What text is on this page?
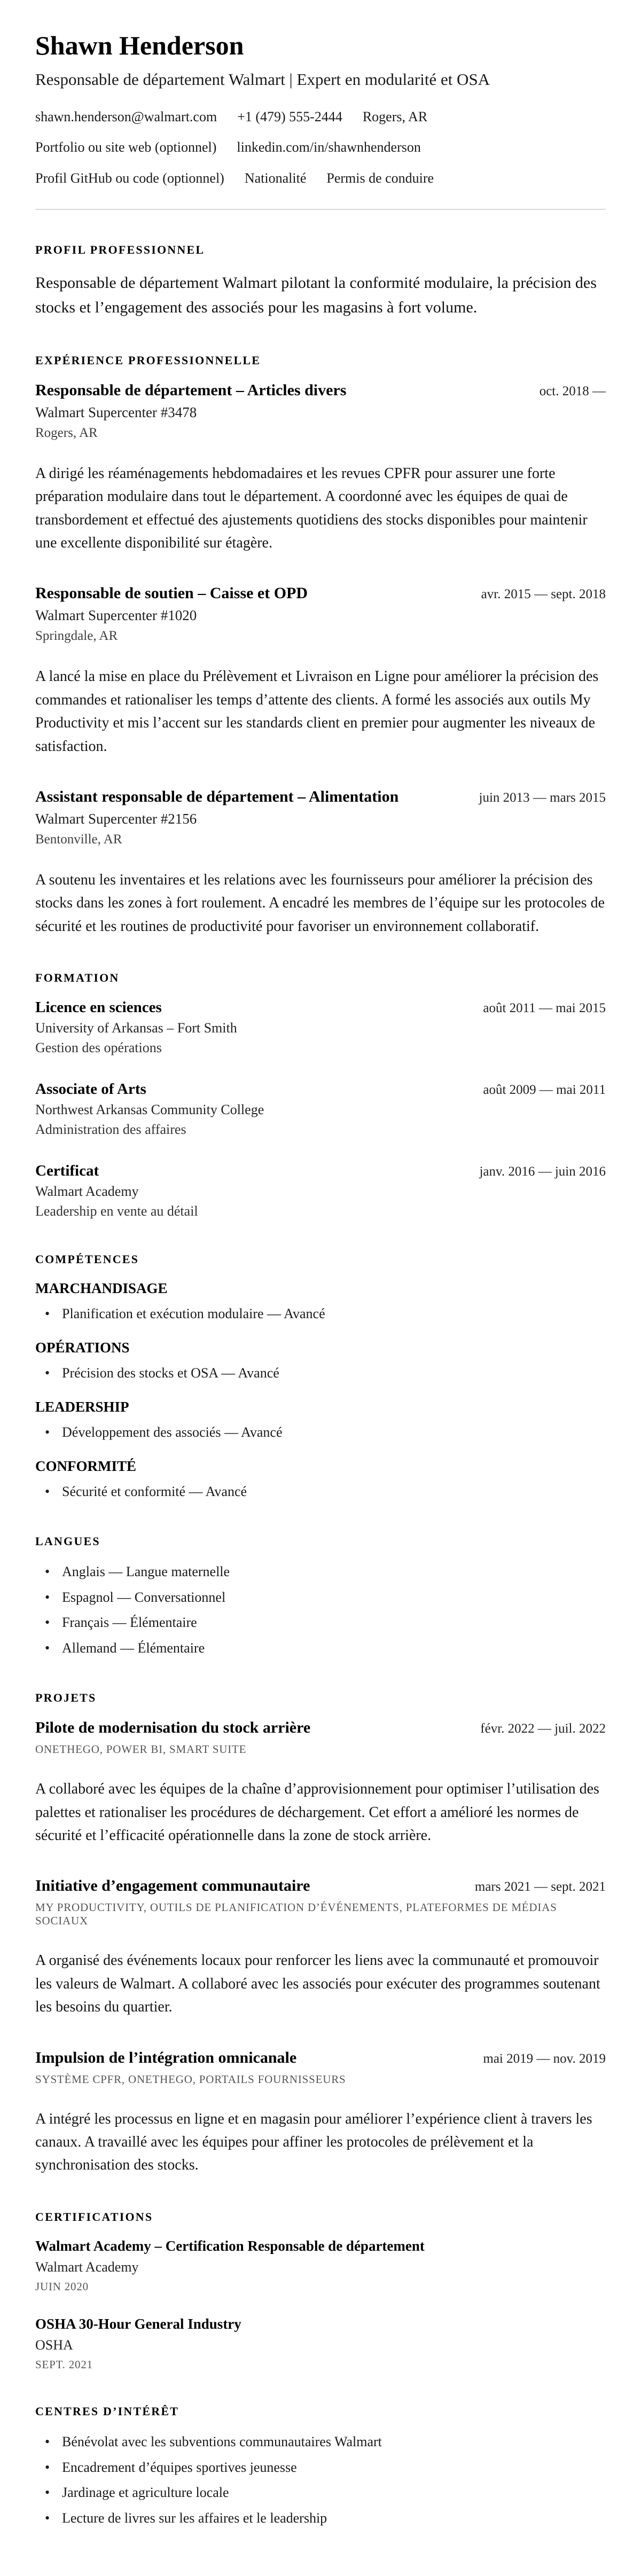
Shawn Henderson

Responsable de département Walmart | Expert en modularité et OSA

shawn.henderson@walmart.com +1 (479) 555-2444 Rogers, AR
Portfolio ou site web (optionnel) linkedin.com/in/shawnhenderson
Profil GitHub ou code (optionnel) Nationalité Permis de conduire
PROFIL PROFESSIONNEL

Responsable de département Walmart pilotant la conformité modulaire, la précision des stocks et l’engagement des associés pour les magasins à fort volume.

EXPÉRIENCE PROFESSIONNELLE
Responsable de département – Articles divers	oct. 2018 —
Walmart Supercenter #3478
Rogers, AR

A dirigé les réaménagements hebdomadaires et les revues CPFR pour assurer une forte préparation modulaire dans tout le département. A coordonné avec les équipes de quai de transbordement et effectué des ajustements quotidiens des stocks disponibles pour maintenir une excellente disponibilité sur étagère.

Responsable de soutien – Caisse et OPD	avr. 2015 — sept. 2018
Walmart Supercenter #1020
Springdale, AR

A lancé la mise en place du Prélèvement et Livraison en Ligne pour améliorer la précision des commandes et rationaliser les temps d’attente des clients. A formé les associés aux outils My Productivity et mis l’accent sur les standards client en premier pour augmenter les niveaux de satisfaction.

Assistant responsable de département – Alimentation	juin 2013 — mars 2015
Walmart Supercenter #2156
Bentonville, AR

A soutenu les inventaires et les relations avec les fournisseurs pour améliorer la précision des stocks dans les zones à fort roulement. A encadré les membres de l’équipe sur les protocoles de sécurité et les routines de productivité pour favoriser un environnement collaboratif.

FORMATION
Licence en sciences	août 2011 — mai 2015
University of Arkansas – Fort Smith
Gestion des opérations
Associate of Arts	août 2009 — mai 2011
Northwest Arkansas Community College
Administration des affaires
Certificat	janv. 2016 — juin 2016
Walmart Academy
Leadership en vente au détail
COMPÉTENCES
MARCHANDISAGE
• Planification et exécution modulaire — Avancé
OPÉRATIONS
• Précision des stocks et OSA — Avancé
LEADERSHIP
• Développement des associés — Avancé
CONFORMITÉ
• Sécurité et conformité — Avancé
LANGUES
• Anglais — Langue maternelle
• Espagnol — Conversationnel
• Français — Élémentaire
• Allemand — Élémentaire
PROJETS
Pilote de modernisation du stock arrière	févr. 2022 — juil. 2022
ONETHEGO, POWER BI, SMART SUITE

A collaboré avec les équipes de la chaîne d’approvisionnement pour optimiser l’utilisation des palettes et rationaliser les procédures de déchargement. Cet effort a amélioré les normes de sécurité et l’efficacité opérationnelle dans la zone de stock arrière.

Initiative d’engagement communautaire	mars 2021 — sept. 2021
MY PRODUCTIVITY, OUTILS DE PLANIFICATION D’ÉVÉNEMENTS, PLATEFORMES DE MÉDIAS SOCIAUX

A organisé des événements locaux pour renforcer les liens avec la communauté et promouvoir les valeurs de Walmart. A collaboré avec les associés pour exécuter des programmes soutenant les besoins du quartier.

Impulsion de l’intégration omnicanale	mai 2019 — nov. 2019
SYSTÈME CPFR, ONETHEGO, PORTAILS FOURNISSEURS

A intégré les processus en ligne et en magasin pour améliorer l’expérience client à travers les canaux. A travaillé avec les équipes pour affiner les protocoles de prélèvement et la synchronisation des stocks.

CERTIFICATIONS
Walmart Academy – Certification Responsable de département
Walmart Academy
JUIN 2020
OSHA 30-Hour General Industry
OSHA
SEPT. 2021
CENTRES D’INTÉRÊT
• Bénévolat avec les subventions communautaires Walmart
• Encadrement d’équipes sportives jeunesse
• Jardinage et agriculture locale
• Lecture de livres sur les affaires et le leadership
